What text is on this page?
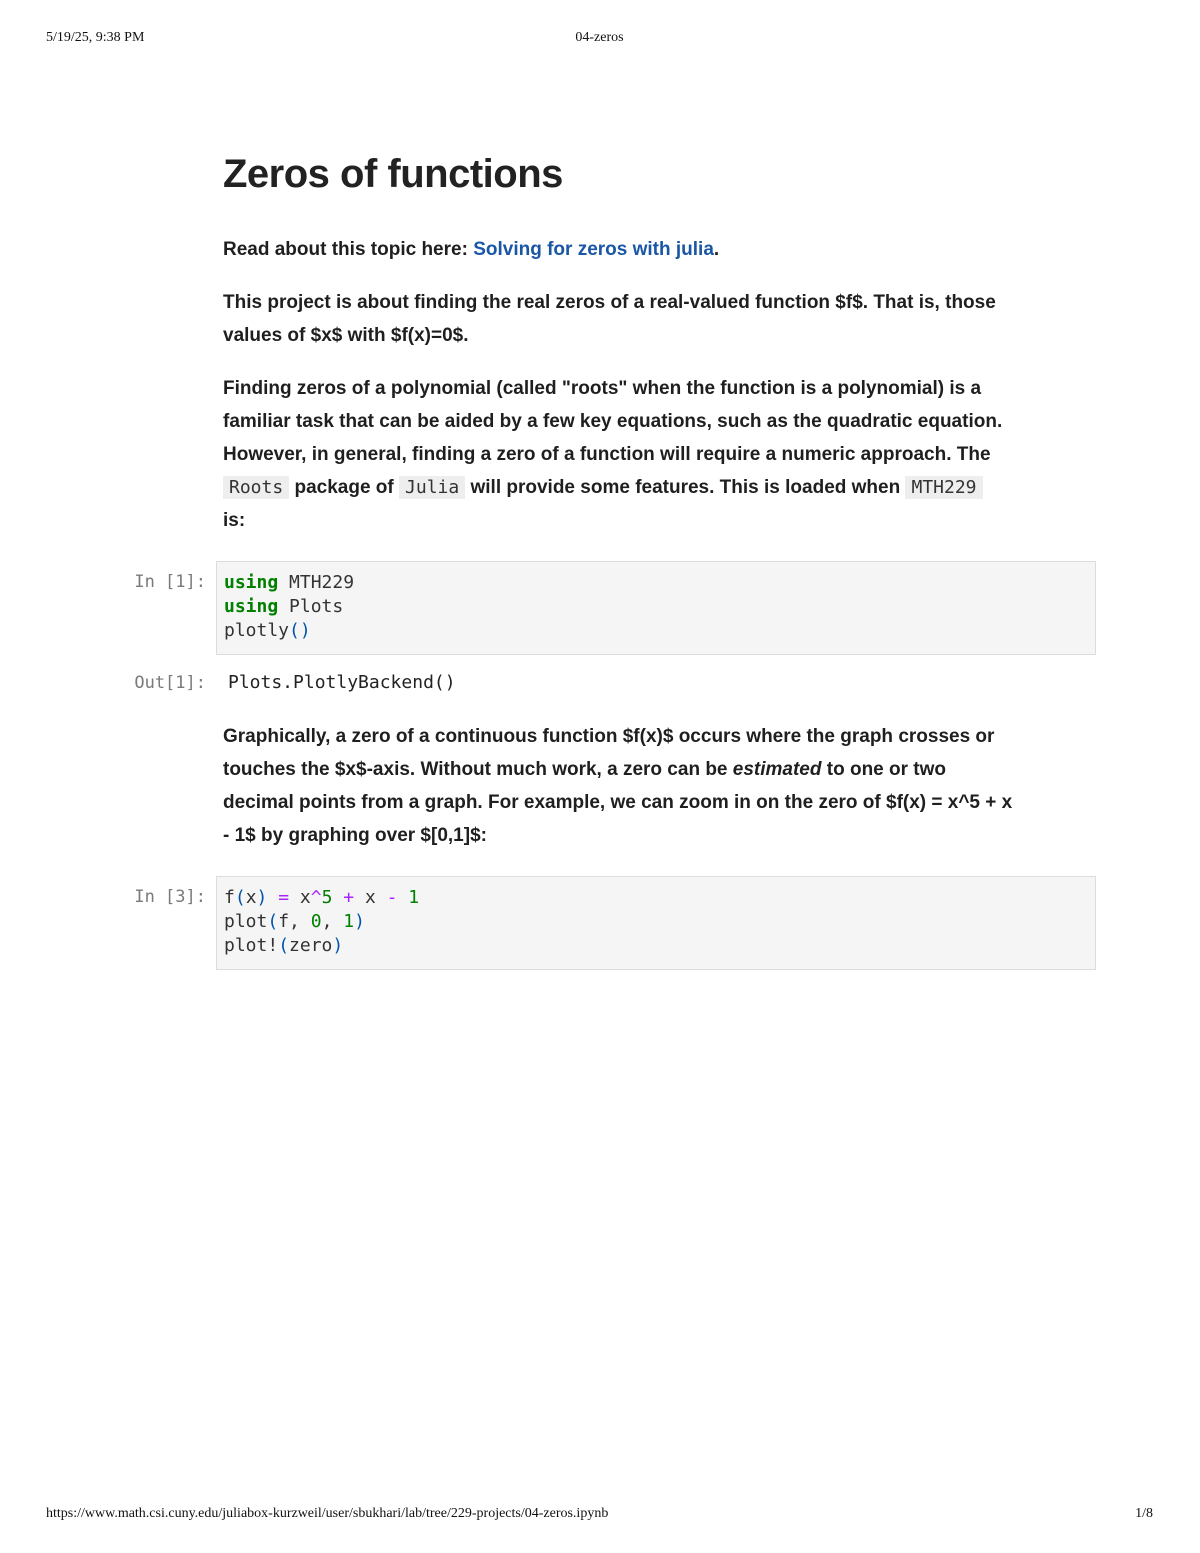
5/19/25, 9:38 PM	04-zeros
Zeros of functions

Read about this topic here: Solving for zeros with julia.

This project is about finding the real zeros of a real-valued function $f$. That is, those
values of $x$ with $f(x)=0$.
Finding zeros of a polynomial (called "roots" when the function is a polynomial) is a
familiar task that can be aided by a few key equations, such as the quadratic equation.
However, in general, finding a zero of a function will require a numeric approach. The
Roots package of Julia will provide some features. This is loaded when MTH229
is:
In [1]: using MTH229
using Plots
plotly()
Out[1]: Plots.PlotlyBackend()
Graphically, a zero of a continuous function $f(x)$ occurs where the graph crosses or
touches the $x$-axis. Without much work, a zero can be estimated to one or two
decimal points from a graph. For example, we can zoom in on the zero of $f(x) = x^5 + x
- 1$ by graphing over $[0,1]$:
In [3]: f(x) = x^5 + x - 1
plot(f, 0, 1)
plot!(zero)
https://www.math.csi.cuny.edu/juliabox-kurzweil/user/sbukhari/lab/tree/229-projects/04-zeros.ipynb	1/8
